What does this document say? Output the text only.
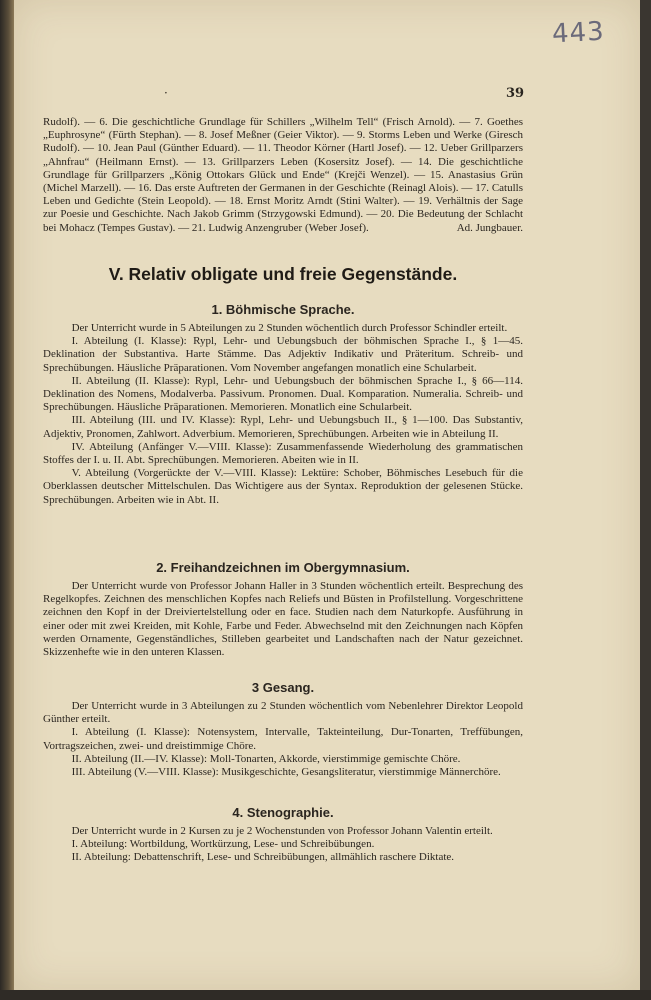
443
·	39

Rudolf). — 6. Die geschichtliche Grundlage für Schillers „Wilhelm Tell“ (Frisch Arnold). — 7. Goethes „Euphrosyne“ (Fürth Stephan). — 8. Josef Meßner (Geier Viktor). — 9. Storms Leben und Werke (Giresch Rudolf). — 10. Jean Paul (Günther Eduard). — 11. Theodor Körner (Hartl Josef). — 12. Ueber Grillparzers „Ahnfrau“ (Heilmann Ernst). — 13. Grillparzers Leben (Kosersitz Josef). — 14. Die geschichtliche Grundlage für Grillparzers „König Ottokars Glück und Ende“ (Krejči Wenzel). — 15. Anastasius Grün (Michel Marzell). — 16. Das erste Auftreten der Germanen in der Geschichte (Reinagl Alois). — 17. Catulls Leben und Gedichte (Stein Leopold). — 18. Ernst Moritz Arndt (Stini Walter). — 19. Verhältnis der Sage zur Poesie und Geschichte. Nach Jakob Grimm (Strzygowski Edmund). — 20. Die Bedeutung der Schlacht bei Mohacz (Tempes Gustav). — 21. Ludwig Anzengruber (Weber Josef).	Ad. Jungbauer.

V. Relativ obligate und freie Gegenstände.
1. Böhmische Sprache.

Der Unterricht wurde in 5 Abteilungen zu 2 Stunden wöchentlich durch Professor Schindler erteilt.

I. Abteilung (I. Klasse): Rypl, Lehr- und Uebungsbuch der böhmischen Sprache I., § 1—45. Deklination der Substantiva. Harte Stämme. Das Adjektiv Indikativ und Präteritum. Schreib- und Sprechübungen. Häusliche Präparationen. Vom November angefangen monatlich eine Schularbeit.

II. Abteilung (II. Klasse): Rypl, Lehr- und Uebungsbuch der böhmischen Sprache I., § 66—114. Deklination des Nomens, Modalverba. Passivum. Pronomen. Dual. Komparation. Numeralia. Schreib- und Sprechübungen. Häusliche Präparationen. Memorieren. Monatlich eine Schularbeit.

III. Abteilung (III. und IV. Klasse): Rypl, Lehr- und Uebungsbuch II., § 1—100. Das Substantiv, Adjektiv, Pronomen, Zahlwort. Adverbium. Memorieren, Sprechübungen. Arbeiten wie in Abteilung II.

IV. Abteilung (Anfänger V.—VIII. Klasse): Zusammenfassende Wiederholung des grammatischen Stoffes der I. u. II. Abt. Sprechübungen. Memorieren. Abeiten wie in II.

V. Abteilung (Vorgerückte der V.—VIII. Klasse): Lektüre: Schober, Böhmisches Lesebuch für die Oberklassen deutscher Mittelschulen. Das Wichtigere aus der Syntax. Reproduktion der gelesenen Stücke. Sprechübungen. Arbeiten wie in Abt. II.

2. Freihandzeichnen im Obergymnasium.

Der Unterricht wurde von Professor Johann Haller in 3 Stunden wöchentlich erteilt. Besprechung des Regelkopfes. Zeichnen des menschlichen Kopfes nach Reliefs und Büsten in Profilstellung. Vorgeschrittene zeichnen den Kopf in der Dreiviertelstellung oder en face. Studien nach dem Naturkopfe. Ausführung in einer oder mit zwei Kreiden, mit Kohle, Farbe und Feder. Abwechselnd mit den Zeichnungen nach Köpfen werden Ornamente, Gegenständliches, Stilleben gearbeitet und Landschaften nach der Natur gezeichnet. Skizzenhefte wie in den unteren Klassen.

3 Gesang.

Der Unterricht wurde in 3 Abteilungen zu 2 Stunden wöchentlich vom Nebenlehrer Direktor Leopold Günther erteilt.

I. Abteilung (I. Klasse): Notensystem, Intervalle, Takteinteilung, Dur-Tonarten, Treffübungen, Vortragszeichen, zwei- und dreistimmige Chöre.

II. Abteilung (II.—IV. Klasse): Moll-Tonarten, Akkorde, vierstimmige gemischte Chöre.

III. Abteilung (V.—VIII. Klasse): Musikgeschichte, Gesangsliteratur, vierstimmige Männerchöre.

4. Stenographie.

Der Unterricht wurde in 2 Kursen zu je 2 Wochenstunden von Professor Johann Valentin erteilt.

I. Abteilung: Wortbildung, Wortkürzung, Lese- und Schreibübungen.

II. Abteilung: Debattenschrift, Lese- und Schreibübungen, allmählich raschere Diktate.
